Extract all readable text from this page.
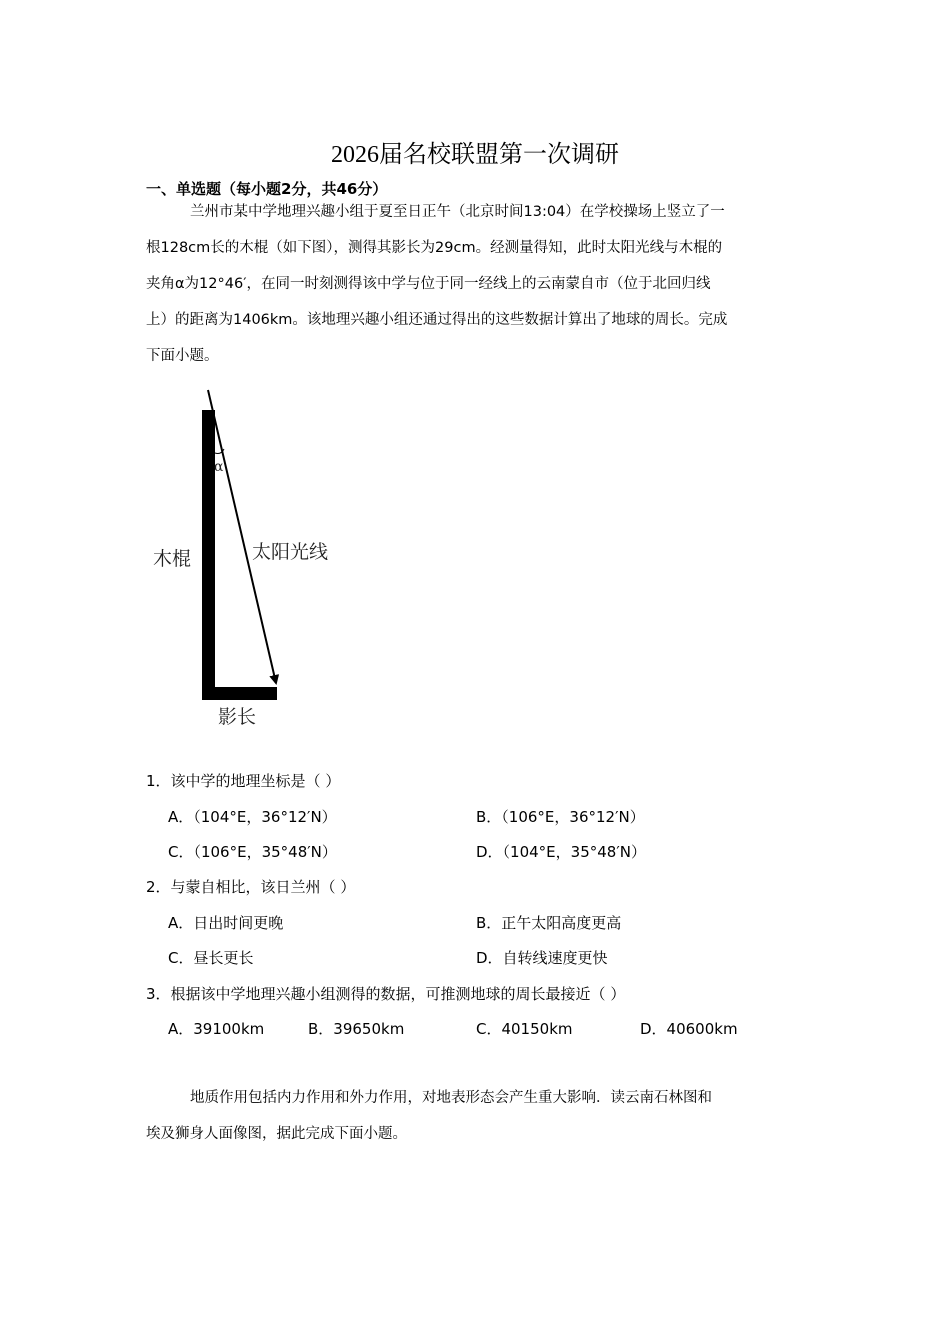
2026届名校联盟第一次调研
一、单选题（每小题2分，共46分）
兰州市某中学地理兴趣小组于夏至日正午（北京时间13:04）在学校操场上竖立了一
根128cm长的木棍（如下图），测得其影长为29cm。经测量得知，此时太阳光线与木棍的
夹角α为12°46′，在同一时刻测得该中学与位于同一经线上的云南蒙自市（位于北回归线
上）的距离为1406km。该地理兴趣小组还通过得出的这些数据计算出了地球的周长。完成
下面小题。
α
木棍	太阳光线
影长
1．该中学的地理坐标是（ ）
A．（104°E，36°12′N）	B．（106°E，36°12′N）
C．（106°E，35°48′N）	D．（104°E，35°48′N）
2．与蒙自相比，该日兰州（ ）
A．日出时间更晚	B．正午太阳高度更高
C．昼长更长	D．自转线速度更快
3．根据该中学地理兴趣小组测得的数据，可推测地球的周长最接近（ ）
A．39100km	B．39650km	C．40150km	D．40600km
地质作用包括内力作用和外力作用，对地表形态会产生重大影响．读云南石林图和
埃及狮身人面像图，据此完成下面小题。
